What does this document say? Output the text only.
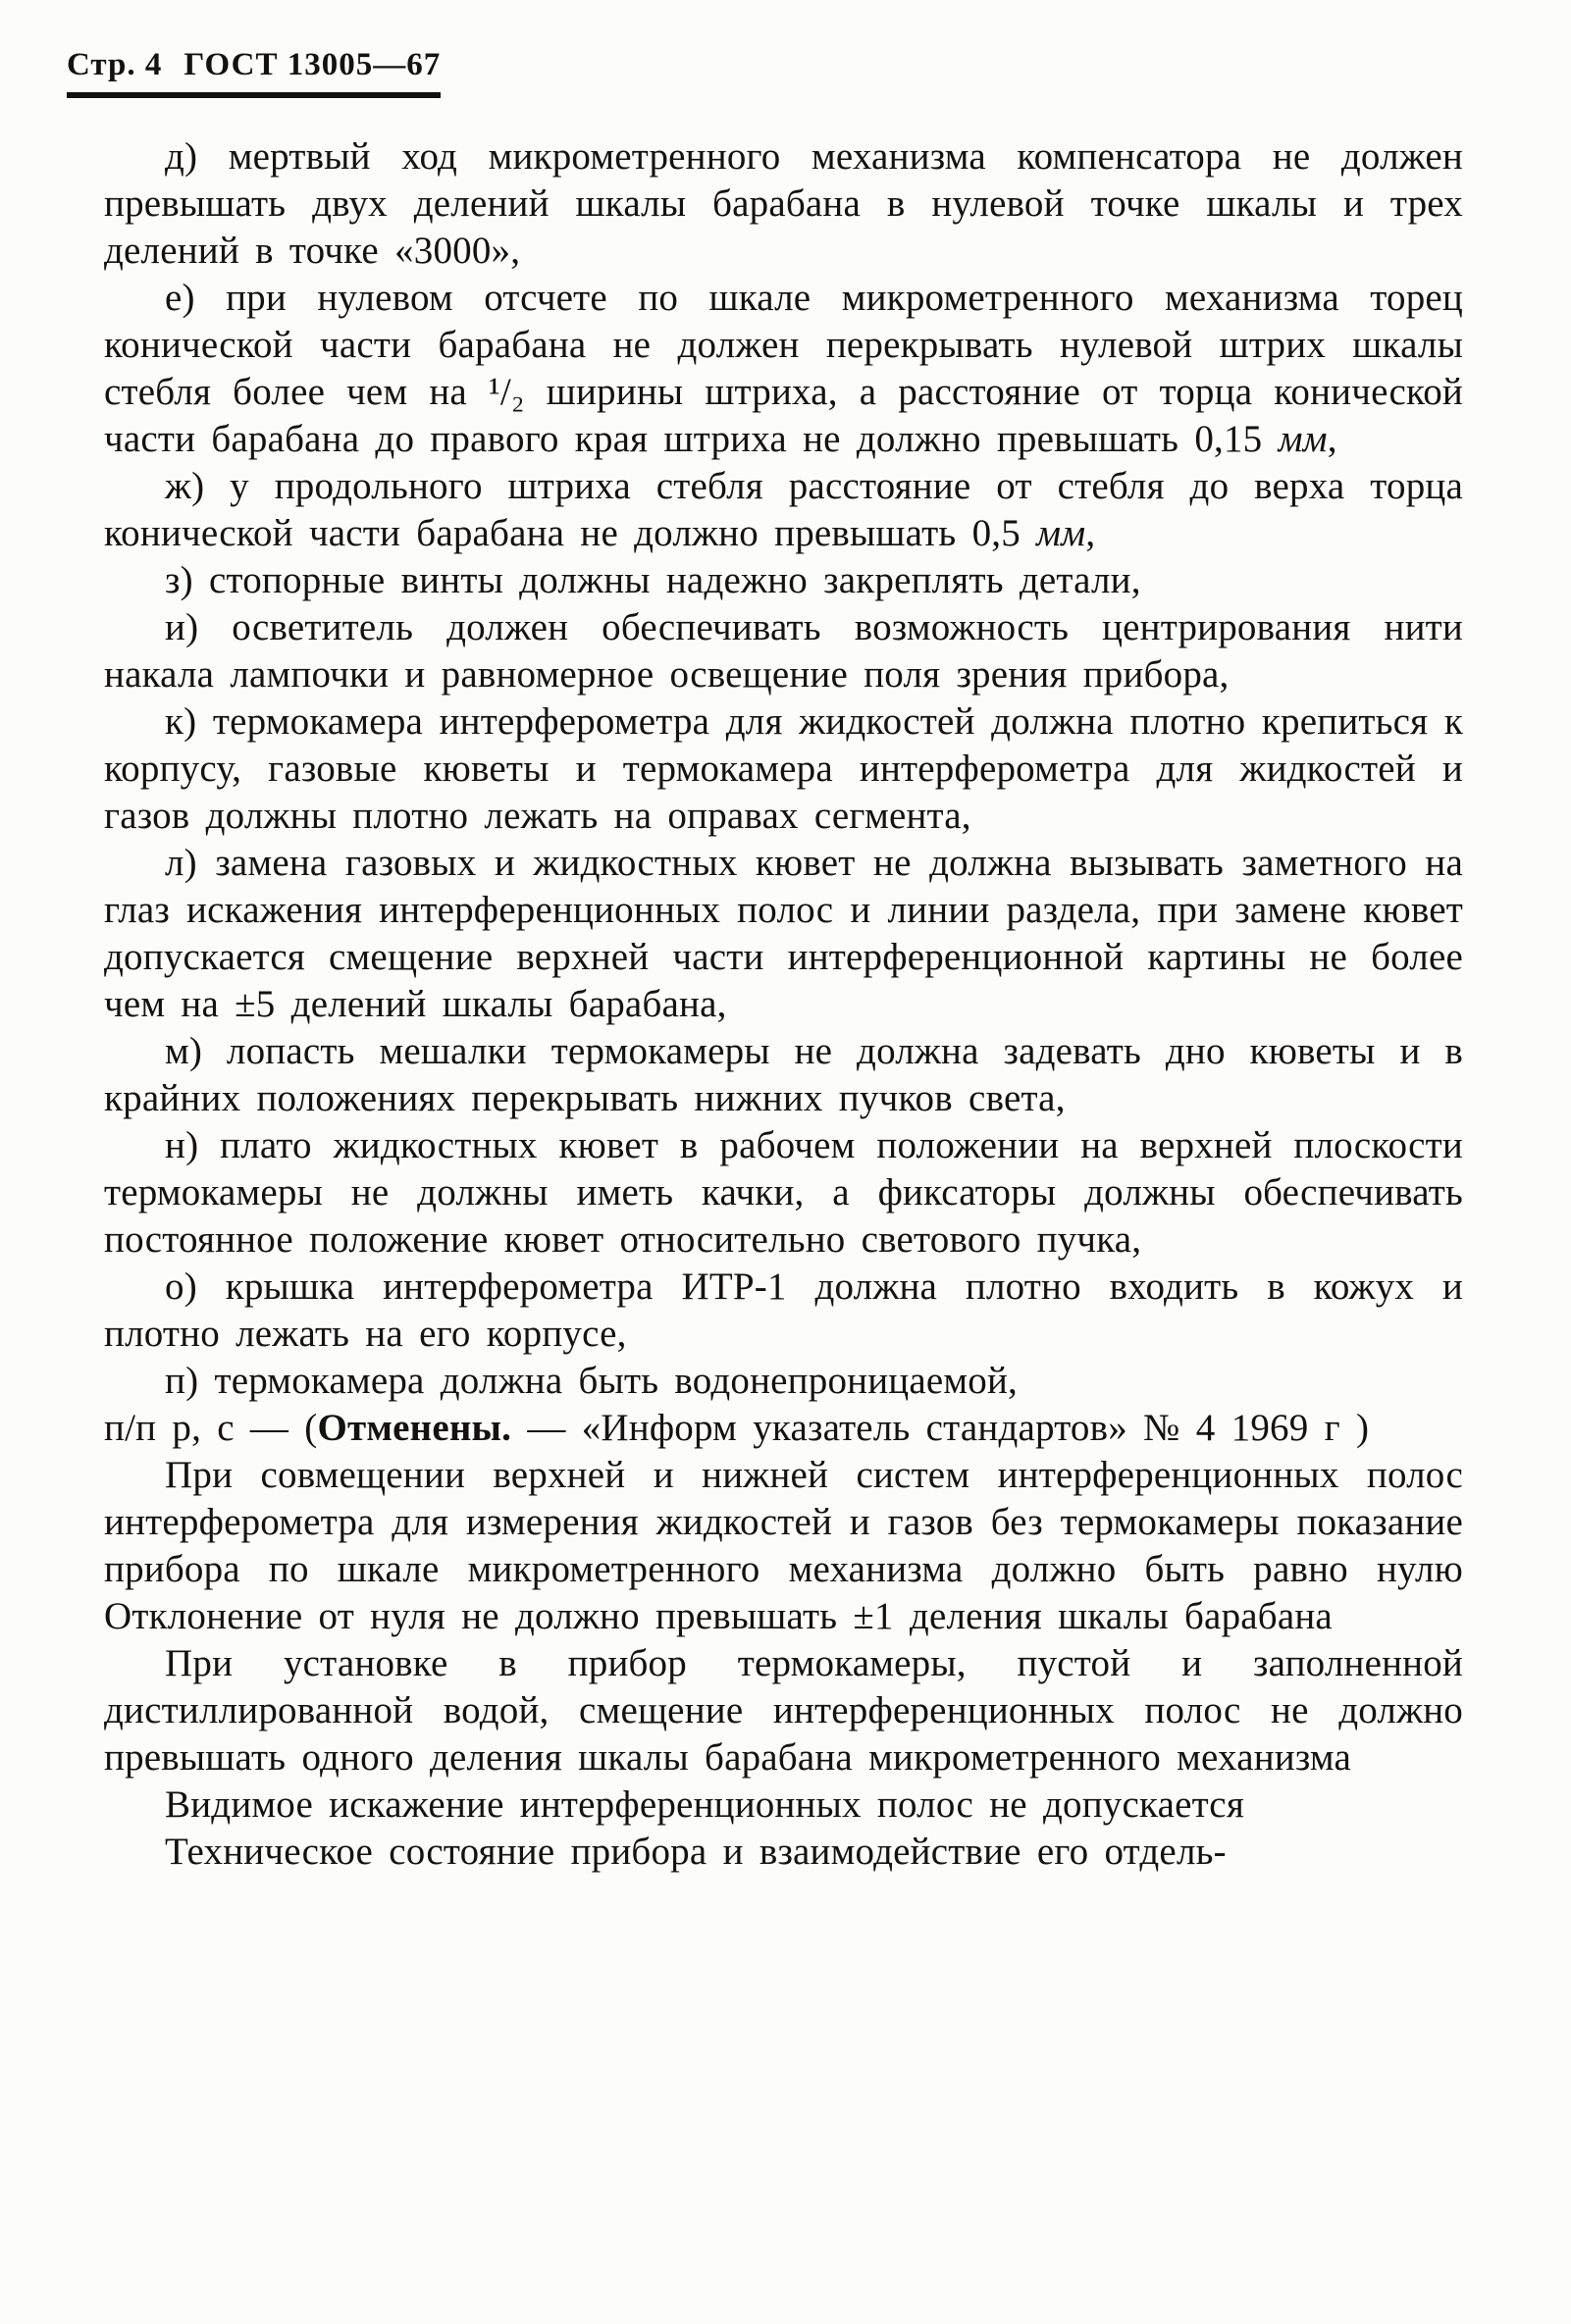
Стр. 4 ГОСТ 13005—67

д) мертвый ход микрометренного механизма компенсатора не должен превышать двух делений шкалы барабана в нулевой точке шкалы и трех делений в точке «3000»,

е) при нулевом отсчете по шкале микрометренного механизма торец конической части барабана не должен перекрывать нулевой штрих шкалы стебля более чем на ¹/₂ ширины штриха, а расстояние от торца конической части барабана до правого края штриха не должно превышать 0,15 мм,

ж) у продольного штриха стебля расстояние от стебля до верха торца конической части барабана не должно превышать 0,5 мм,

з) стопорные винты должны надежно закреплять детали,

и) осветитель должен обеспечивать возможность центрирования нити накала лампочки и равномерное освещение поля зрения прибора,

к) термокамера интерферометра для жидкостей должна плотно крепиться к корпусу, газовые кюветы и термокамера интерферометра для жидкостей и газов должны плотно лежать на оправах сегмента,

л) замена газовых и жидкостных кювет не должна вызывать заметного на глаз искажения интерференционных полос и линии раздела, при замене кювет допускается смещение верхней части интерференционной картины не более чем на ±5 делений шкалы барабана,

м) лопасть мешалки термокамеры не должна задевать дно кюветы и в крайних положениях перекрывать нижних пучков света,

н) плато жидкостных кювет в рабочем положении на верхней плоскости термокамеры не должны иметь качки, а фиксаторы должны обеспечивать постоянное положение кювет относительно светового пучка,

о) крышка интерферометра ИТР-1 должна плотно входить в кожух и плотно лежать на его корпусе,

п) термокамера должна быть водонепроницаемой,

п/п р, с — (Отменены. — «Информ указатель стандартов» № 4 1969 г )

При совмещении верхней и нижней систем интерференционных полос интерферометра для измерения жидкостей и газов без термокамеры показание прибора по шкале микрометренного механизма должно быть равно нулю Отклонение от нуля не должно превышать ±1 деления шкалы барабана

При установке в прибор термокамеры, пустой и заполненной дистиллированной водой, смещение интерференционных полос не должно превышать одного деления шкалы барабана микрометренного механизма

Видимое искажение интерференционных полос не допускается

Техническое состояние прибора и взаимодействие его отдель-
